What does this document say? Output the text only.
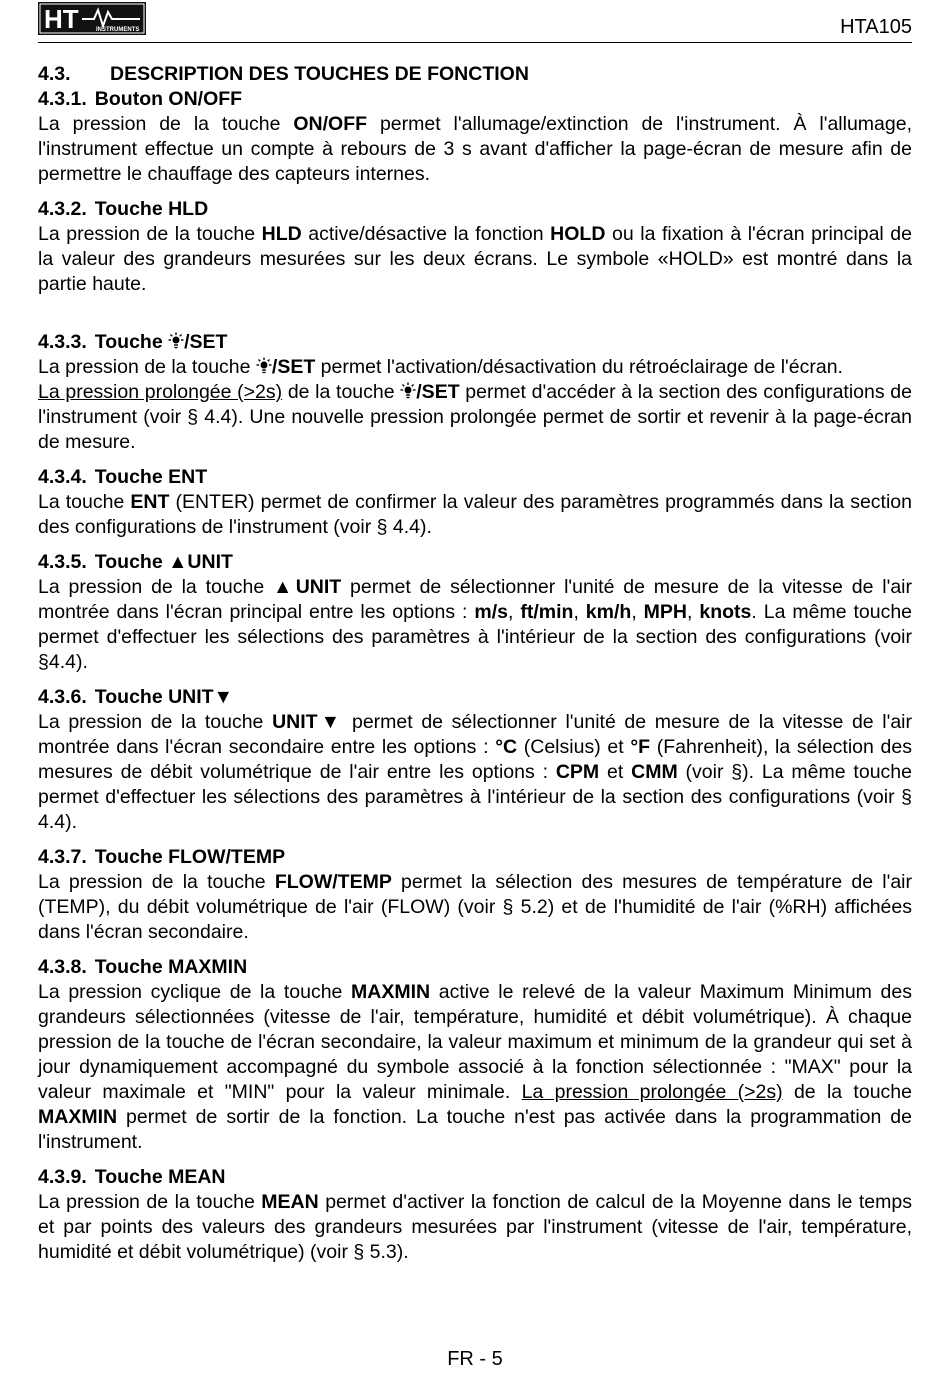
HT	INSTRUMENTS	HTA105
4.3. DESCRIPTION DES TOUCHES DE FONCTION
4.3.1. Bouton ON/OFF

La pression de la touche ON/OFF permet l'allumage/extinction de l'instrument. À l'allumage, l'instrument effectue un compte à rebours de 3 s avant d'afficher la page-écran de mesure afin de permettre le chauffage des capteurs internes.

4.3.2. Touche HLD

La pression de la touche HLD active/désactive la fonction HOLD ou la fixation à l'écran principal de la valeur des grandeurs mesurées sur les deux écrans. Le symbole «HOLD» est montré dans la partie haute.

4.3.3. Touche /SET

La pression de la touche /SET permet l'activation/désactivation du rétroéclairage de l'écran.
La pression prolongée (>2s) de la touche /SET permet d'accéder à la section des configurations de l'instrument (voir § 4.4). Une nouvelle pression prolongée permet de sortir et revenir à la page-écran de mesure.

4.3.4. Touche ENT

La touche ENT (ENTER) permet de confirmer la valeur des paramètres programmés dans la section des configurations de l'instrument (voir § 4.4).

4.3.5. Touche ▲UNIT

La pression de la touche ▲UNIT permet de sélectionner l'unité de mesure de la vitesse de l'air montrée dans l'écran principal entre les options : m/s, ft/min, km/h, MPH, knots. La même touche permet d'effectuer les sélections des paramètres à l'intérieur de la section des configurations (voir §4.4).

4.3.6. Touche UNIT▼

La pression de la touche UNIT▼ permet de sélectionner l'unité de mesure de la vitesse de l'air montrée dans l'écran secondaire entre les options : °C (Celsius) et °F (Fahrenheit), la sélection des mesures de débit volumétrique de l'air entre les options : CPM et CMM (voir §). La même touche permet d'effectuer les sélections des paramètres à l'intérieur de la section des configurations (voir § 4.4).

4.3.7. Touche FLOW/TEMP

La pression de la touche FLOW/TEMP permet la sélection des mesures de température de l'air (TEMP), du débit volumétrique de l'air (FLOW) (voir § 5.2) et de l'humidité de l'air (%RH) affichées dans l'écran secondaire.

4.3.8. Touche MAXMIN

La pression cyclique de la touche MAXMIN active le relevé de la valeur Maximum Minimum des grandeurs sélectionnées (vitesse de l'air, température, humidité et débit volumétrique). À chaque pression de la touche de l'écran secondaire, la valeur maximum et minimum de la grandeur qui set à jour dynamiquement accompagné du symbole associé à la fonction sélectionnée : "MAX" pour la valeur maximale et "MIN" pour la valeur minimale. La pression prolongée (>2s) de la touche MAXMIN permet de sortir de la fonction. La touche n'est pas activée dans la programmation de l'instrument.

4.3.9. Touche MEAN

La pression de la touche MEAN permet d'activer la fonction de calcul de la Moyenne dans le temps et par points des valeurs des grandeurs mesurées par l'instrument (vitesse de l'air, température, humidité et débit volumétrique) (voir § 5.3).

FR - 5
